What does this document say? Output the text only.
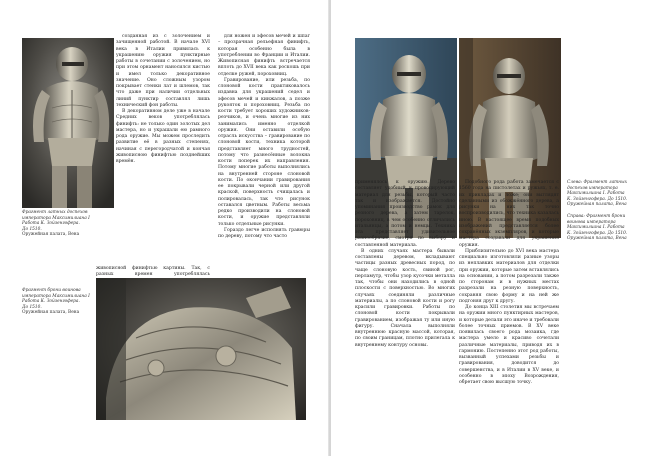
Фрагмент латных доспехов
императора Максимилиана I
Работа К. Зойзенгофера.
До 1510.
Оружейная палата, Вена
Фрагмент брони воинова
императора Максимилиана I
Работа К. Зойзенгофера.
До 1510.
Оружейная палата, Вена

созданная из с золочением и зачищенной работой. В начале XVI века в Италии привилась к украшению оружия пунктирные работы в сочетании с золочением, но при этом орнамент наносился кистью и имел только декоративное значение. Оно сложным узором покрывает стенки лат и шлемов, так что даже при наличии отдельных линий пунктир составлял лишь технический фон работы.

В декоративном деле уже в начале Средних веков употреблялась финифть: не только один золотых дел мастера, но и украшали ею рамного рода оружие. Мы можем проследить развитие её в разных степенях, начиная с перегородчатой и кончая живописною финифтью позднейших времён.

живописной финифтью картины. Так, с разных времен употреблялась

для ножен и эфесов мечей и шпаг – прозрачная рельефная финифть, которая особенно была в употреблении во Франции и Италии. Живописная финифть встречается вплоть до XVII века как роскошь при отделке ружей, пороховниц.

Гравирование, или резьба, по слоновой кости практиковалось издавна для украшений седел и эфесов мечей и кинжалов, а позже рукояток и пороховниц. Резьба по кости требует хороших художников-резчиков, и очень многие из них занимались именно отделкой оружия. Они оставили особую отрасль искусства – гравирование по слоновой кости, техника которой представляет много трудностей, потому что разнесённые волокна кости поперек их направления. Потому многие работы выполнялись на внутренней стороне слоновой кости. По окончании гравирования ее покрывали черной или другой краской, поверхность счищалась и полировалась, так что рисунок оставался цветным. Работы весьма редко производили на слоновой кости, и оружие представляли только отдельные рисунки.

Гораздо легче исполнять гравюры по дереву, потому что часто

Слева: Фрагмент латных
доспехов императора
Максимилиана I. Работа
К. Зойзенгофера. До 1510.
Оружейная палата, Вена
Справа: Фрагмент брони
воинова императора
Максимилиана I. Работа
К. Зойзенгофера. До 1510.
Оружейная палата, Вена

применялось к оружию. Дерево составляет удобный и провоцирующий материал для резьбы, который часто так и изображается. Достойно упоминания производство рамок для резного дерева, а затем тарелок, пороховниц, в чем особенно отличались итальянцы, а потом и немцы. Техника эта представляет удивительное разнообразие, смотря по выбору и составленной материала.

В одних случаях мастера бывали составлены деревом, вкладывают частицы разных древесных пород, по чаще слоновую кость, свиной рог, перламутр, чтобы узор кусочки металла так, чтобы они находились в одной плоскости с поверхностью. Во многих случаях соединяли различные материалы, а по слоновой кости и рогу красили гравировки. Работы по слоновой кости покрывали гравированием, изображая ту или иную фигуру. Сначала выполняли внутреннюю красную массой, которая, по своим границам, плотно прилегала к внутреннему контуру основы.

Подобного рода работа замечается с 1560 года на пистолетах и ружьях, т. е. их прикладах и ложе; они выглядят сделанными из обожжённого дерева, а рисунки на них так точно воспроизводились, что техника казалась иною. В настоящее время подобных изображений представляется более сохранённых экземпляров, и которые мастера создавали для украшения оружия.

Приблизительно до XVI века мастера специально изготовляли разные узоры из неплавких материалов для отделки при оружии, которые затем вставлялись на основании, а потом разрезали также по сторонам и в нужных местах разрезали на резную поверхность, сохраняя свою форму и на ней же подгоняя друг к другу.

До конца XIII столетия мы встречаем на оружии много пунктирных мастеров, и которые делали это иначе и требовали более точных приемов. В XV веке появилась своего рода мозаика, где мастера умело и красиво сочетали различные материалы, приводя их в гармонию. Постепенно этот род работы, вызванный успехами резьбы и гравирования, доводится до совершенства, и в Италии в XV веке, и особенно в эпоху Возрождения, обретает свою высшую точку.
